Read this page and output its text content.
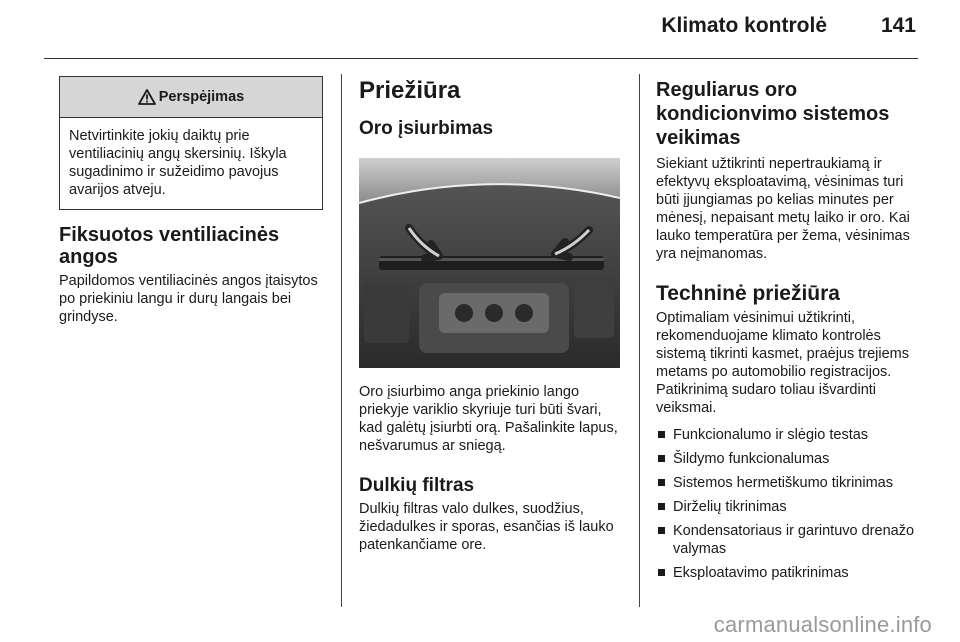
Klimato kontrolė	141
Perspėjimas
Netvirtinkite jokių daiktų prie ventiliacinių angų skersinių. Iškyla sugadinimo ir sužeidimo pavojus avarijos atveju.
Fiksuotos ventiliacinės angos

Papildomos ventiliacinės angos įtaisytos po priekiniu langu ir durų langais bei grindyse.

Priežiūra
Oro įsiurbimas

Oro įsiurbimo anga priekinio lango priekyje variklio skyriuje turi būti švari, kad galėtų įsiurbti orą. Pašalinkite lapus, nešvarumus ar sniegą.

Dulkių filtras

Dulkių filtras valo dulkes, suodžius, žiedadulkes ir sporas, esančias iš lauko patenkančiame ore.

Reguliarus oro kondicionvimo sistemos veikimas

Siekiant užtikrinti nepertraukiamą ir efektyvų eksploatavimą, vėsinimas turi būti įjungiamas po kelias minutes per mėnesį, nepaisant metų laiko ir oro. Kai lauko temperatūra per žema, vėsinimas yra neįmanomas.

Techninė priežiūra

Optimaliam vėsinimui užtikrinti, rekomenduojame klimato kontrolės sistemą tikrinti kasmet, praėjus trejiems metams po automobilio registracijos. Patikrinimą sudaro toliau išvardinti veiksmai.

Funkcionalumo ir slėgio testas
Šildymo funkcionalumas
Sistemos hermetiškumo tikrinimas
Dirželių tikrinimas
Kondensatoriaus ir garintuvo drenažo valymas
Eksploatavimo patikrinimas
carmanualsonline.info
